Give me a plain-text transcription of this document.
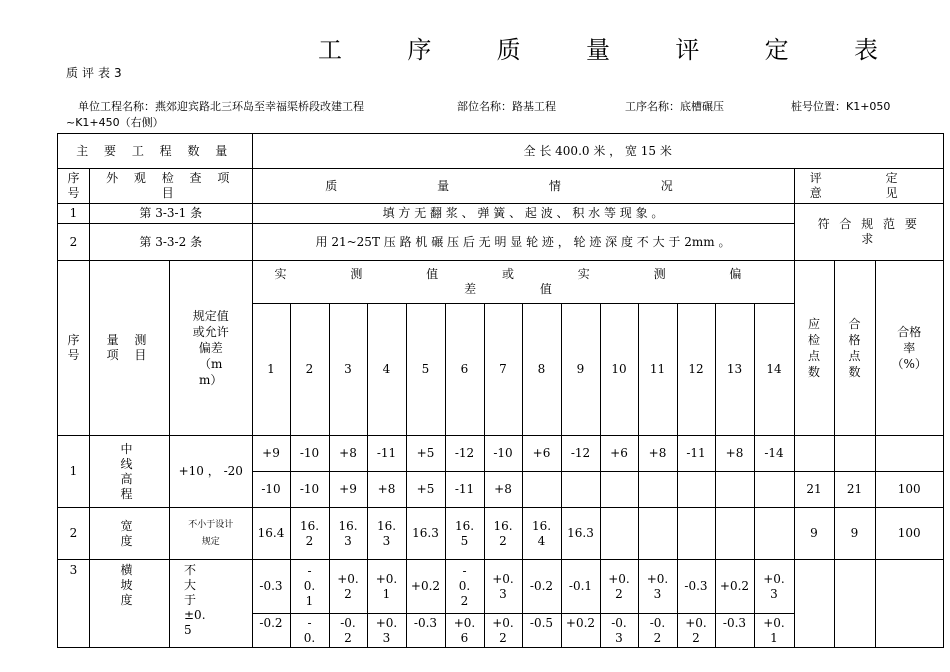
工	序	质	量	评	定	表
质评表3
单位工程名称：燕郊迎宾路北三环岛至幸福渠桥段改建工程	部位名称：路基工程	工序名称：底槽碾压	桩号位置：K1+050
~K1+450（右侧）
主 要 工 程 数 量			全 长 400.0 米 ， 宽 15 米																
序号	外 观 检 查 项 目		质 量 情 况														评 定 意 见		
1	第 3-3-1 条		填 方 无 翻 浆 、 弹 簧 、 起 波 、 积 水 等 现 象 。														符 合 规 范 要 求		
2	第 3-3-2 条		用 21~25T 压 路 机 碾 压 后 无 明 显 轮 迹 ， 轮 迹 深 度 不 大 于 2mm 。																
序号	量 测 项 目	规定值或允许偏差（mm）	实 测 值 或 实 测 偏 差 值														应检点数	合格点数	合格率（%）
			1	2	3	4	5	6	7	8	9	10	11	12	13	14			
1	中 线 高 程	+10 ， -20	+9	-10	+8	-11	+5	-12	-10	+6	-12	+6	+8	-11	+8	-14			
			-10	-10	+9	+8	+5	-11	+8								21	21	100
2	宽 度	不小于设计规定	16.4	16.2	16.3	16.3	16.3	16.5	16.2	16.4	16.3						9	9	100
3	横 坡 度	不大于±0.5	-0.3	-0.1	+0.2	+0.1	+0.2	-0.2	+0.3	-0.2	-0.1	+0.2	+0.3	-0.3	+0.2	+0.3			
			-0.2	-0.	-0.2	+0.3	-0.3	+0.6	+0.2	-0.5	+0.2	-0.3	-0.2	+0.2	-0.3	+0.1			
